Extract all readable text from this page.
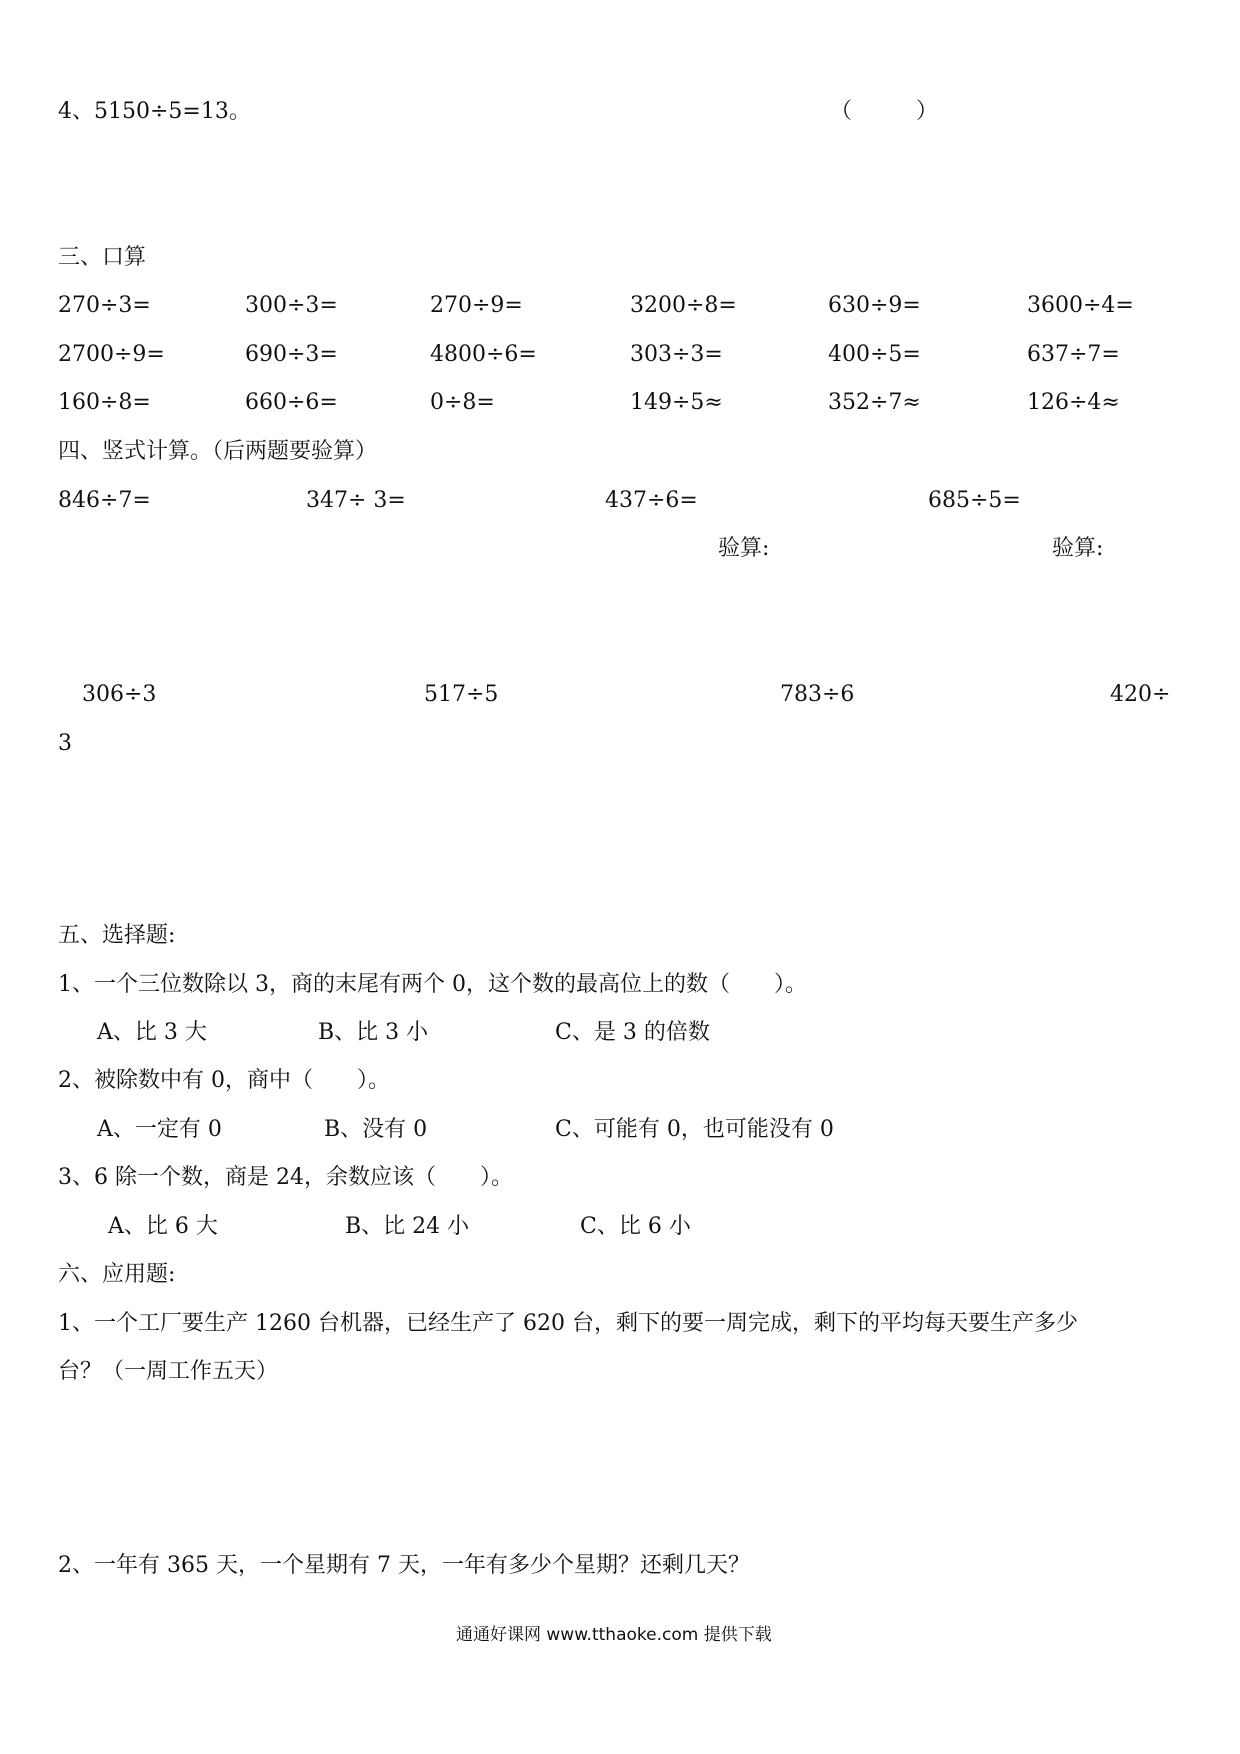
4、5150÷5=13。	（	）
三、口算
270÷3=	300÷3=	270÷9=	3200÷8=	630÷9=	3600÷4=
2700÷9=	690÷3=	4800÷6=	303÷3=	400÷5=	637÷7=
160÷8=	660÷6=	0÷8=	149÷5≈	352÷7≈	126÷4≈
四、竖式计算。（后两题要验算）
846÷7=	347÷ 3=	437÷6=	685÷5=
验算:	验算:
306÷3	517÷5	783÷6	420÷
3
五、选择题:
1、一个三位数除以 3，商的末尾有两个 0，这个数的最高位上的数（　　）。
A、比 3 大	B、比 3 小	C、是 3 的倍数
2、被除数中有 0，商中（　　）。
A、一定有 0	B、没有 0	C、可能有 0，也可能没有 0
3、6 除一个数，商是 24，余数应该（　　）。
A、比 6 大	B、比 24 小	C、比 6 小
六、应用题:
1、一个工厂要生产 1260 台机器，已经生产了 620 台，剩下的要一周完成，剩下的平均每天要生产多少
台？（一周工作五天）
2、一年有 365 天，一个星期有 7 天，一年有多少个星期？还剩几天？
通通好课网 www.tthaoke.com 提供下载
